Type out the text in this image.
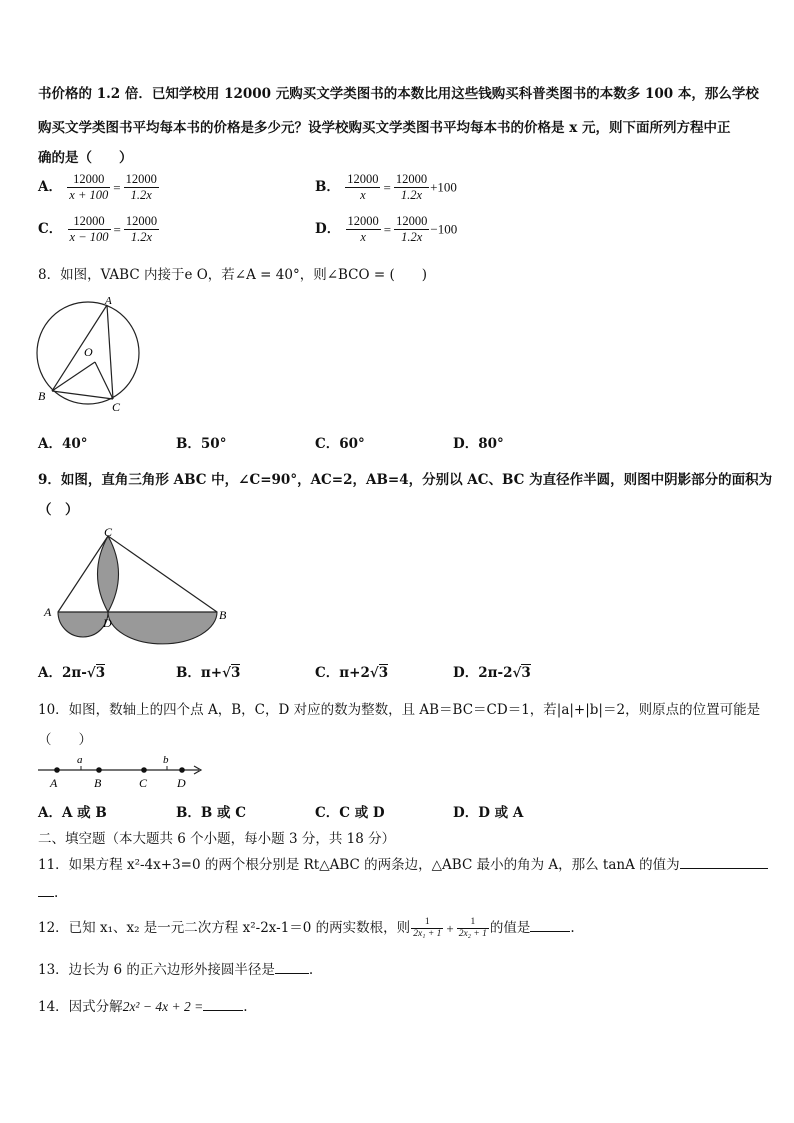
书价格的 1.2 倍．已知学校用 12000 元购买文学类图书的本数比用这些钱购买科普类图书的本数多 100 本，那么学校
购买文学类图书平均每本书的价格是多少元？设学校购买文学类图书平均每本书的价格是 x 元，则下面所列方程中正
确的是（　　）
A． $\frac{12000}{x + 100} = \frac{12000}{1.2x}$	B． $\frac{12000}{x} = \frac{12000}{1.2x} +100$
C． $\frac{12000}{x - 100} = \frac{12000}{1.2x}$	D． $\frac{12000}{x} = \frac{12000}{1.2x} -100$
8．如图，VABC 内接于e O，若∠A = 40°，则∠BCO = (　　)
A
O
B
C
A．40°	B．50°	C．60°	D．80°
9．如图，直角三角形 ABC 中，∠C=90°，AC=2，AB=4，分别以 AC、BC 为直径作半圆，则图中阴影部分的面积为
（　）
C
A
D
B
A．2π-√3	B．π+√3	C．π+2√3	D．2π-2√3
10．如图，数轴上的四个点 A，B，C，D 对应的数为整数，且 AB＝BC＝CD＝1，若|a|+|b|＝2，则原点的位置可能是
（　　）
a	b
A	B	C D
A．A 或 B	B．B 或 C	C．C 或 D	D．D 或 A
二、填空题（本大题共 6 个小题，每小题 3 分，共 18 分）
11．如果方程 x²-4x+3=0 的两个根分别是 Rt△ABC 的两条边，△ABC 最小的角为 A，那么 tanA 的值为
.
12．已知 x₁、x₂ 是一元二次方程 x²-2x-1＝0 的两实数根，则 $\frac{1}{\text{2x₁ + 1}} + \frac{1}{\text{2x₂ + 1}}$ 的值是	.
13．边长为 6 的正六边形外接圆半径是	.
14．因式分解2x² − 4x + 2 =	.
